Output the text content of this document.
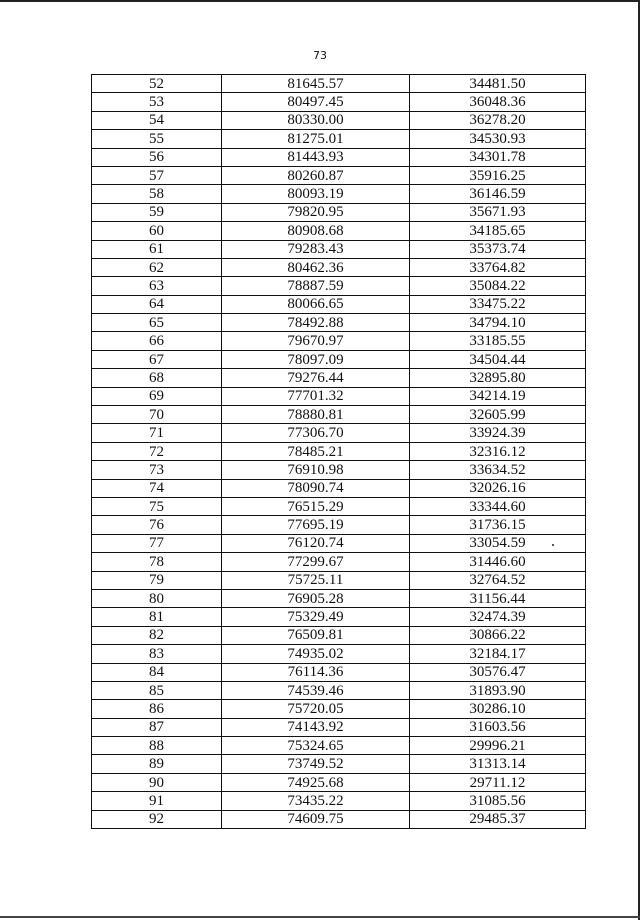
73
52	81645.57	34481.50
53	80497.45	36048.36
54	80330.00	36278.20
55	81275.01	34530.93
56	81443.93	34301.78
57	80260.87	35916.25
58	80093.19	36146.59
59	79820.95	35671.93
60	80908.68	34185.65
61	79283.43	35373.74
62	80462.36	33764.82
63	78887.59	35084.22
64	80066.65	33475.22
65	78492.88	34794.10
66	79670.97	33185.55
67	78097.09	34504.44
68	79276.44	32895.80
69	77701.32	34214.19
70	78880.81	32605.99
71	77306.70	33924.39
72	78485.21	32316.12
73	76910.98	33634.52
74	78090.74	32026.16
75	76515.29	33344.60
76	77695.19	31736.15
77	76120.74	33054.59
78	77299.67	31446.60
79	75725.11	32764.52
80	76905.28	31156.44
81	75329.49	32474.39
82	76509.81	30866.22
83	74935.02	32184.17
84	76114.36	30576.47
85	74539.46	31893.90
86	75720.05	30286.10
87	74143.92	31603.56
88	75324.65	29996.21
89	73749.52	31313.14
90	74925.68	29711.12
91	73435.22	31085.56
92	74609.75	29485.37
